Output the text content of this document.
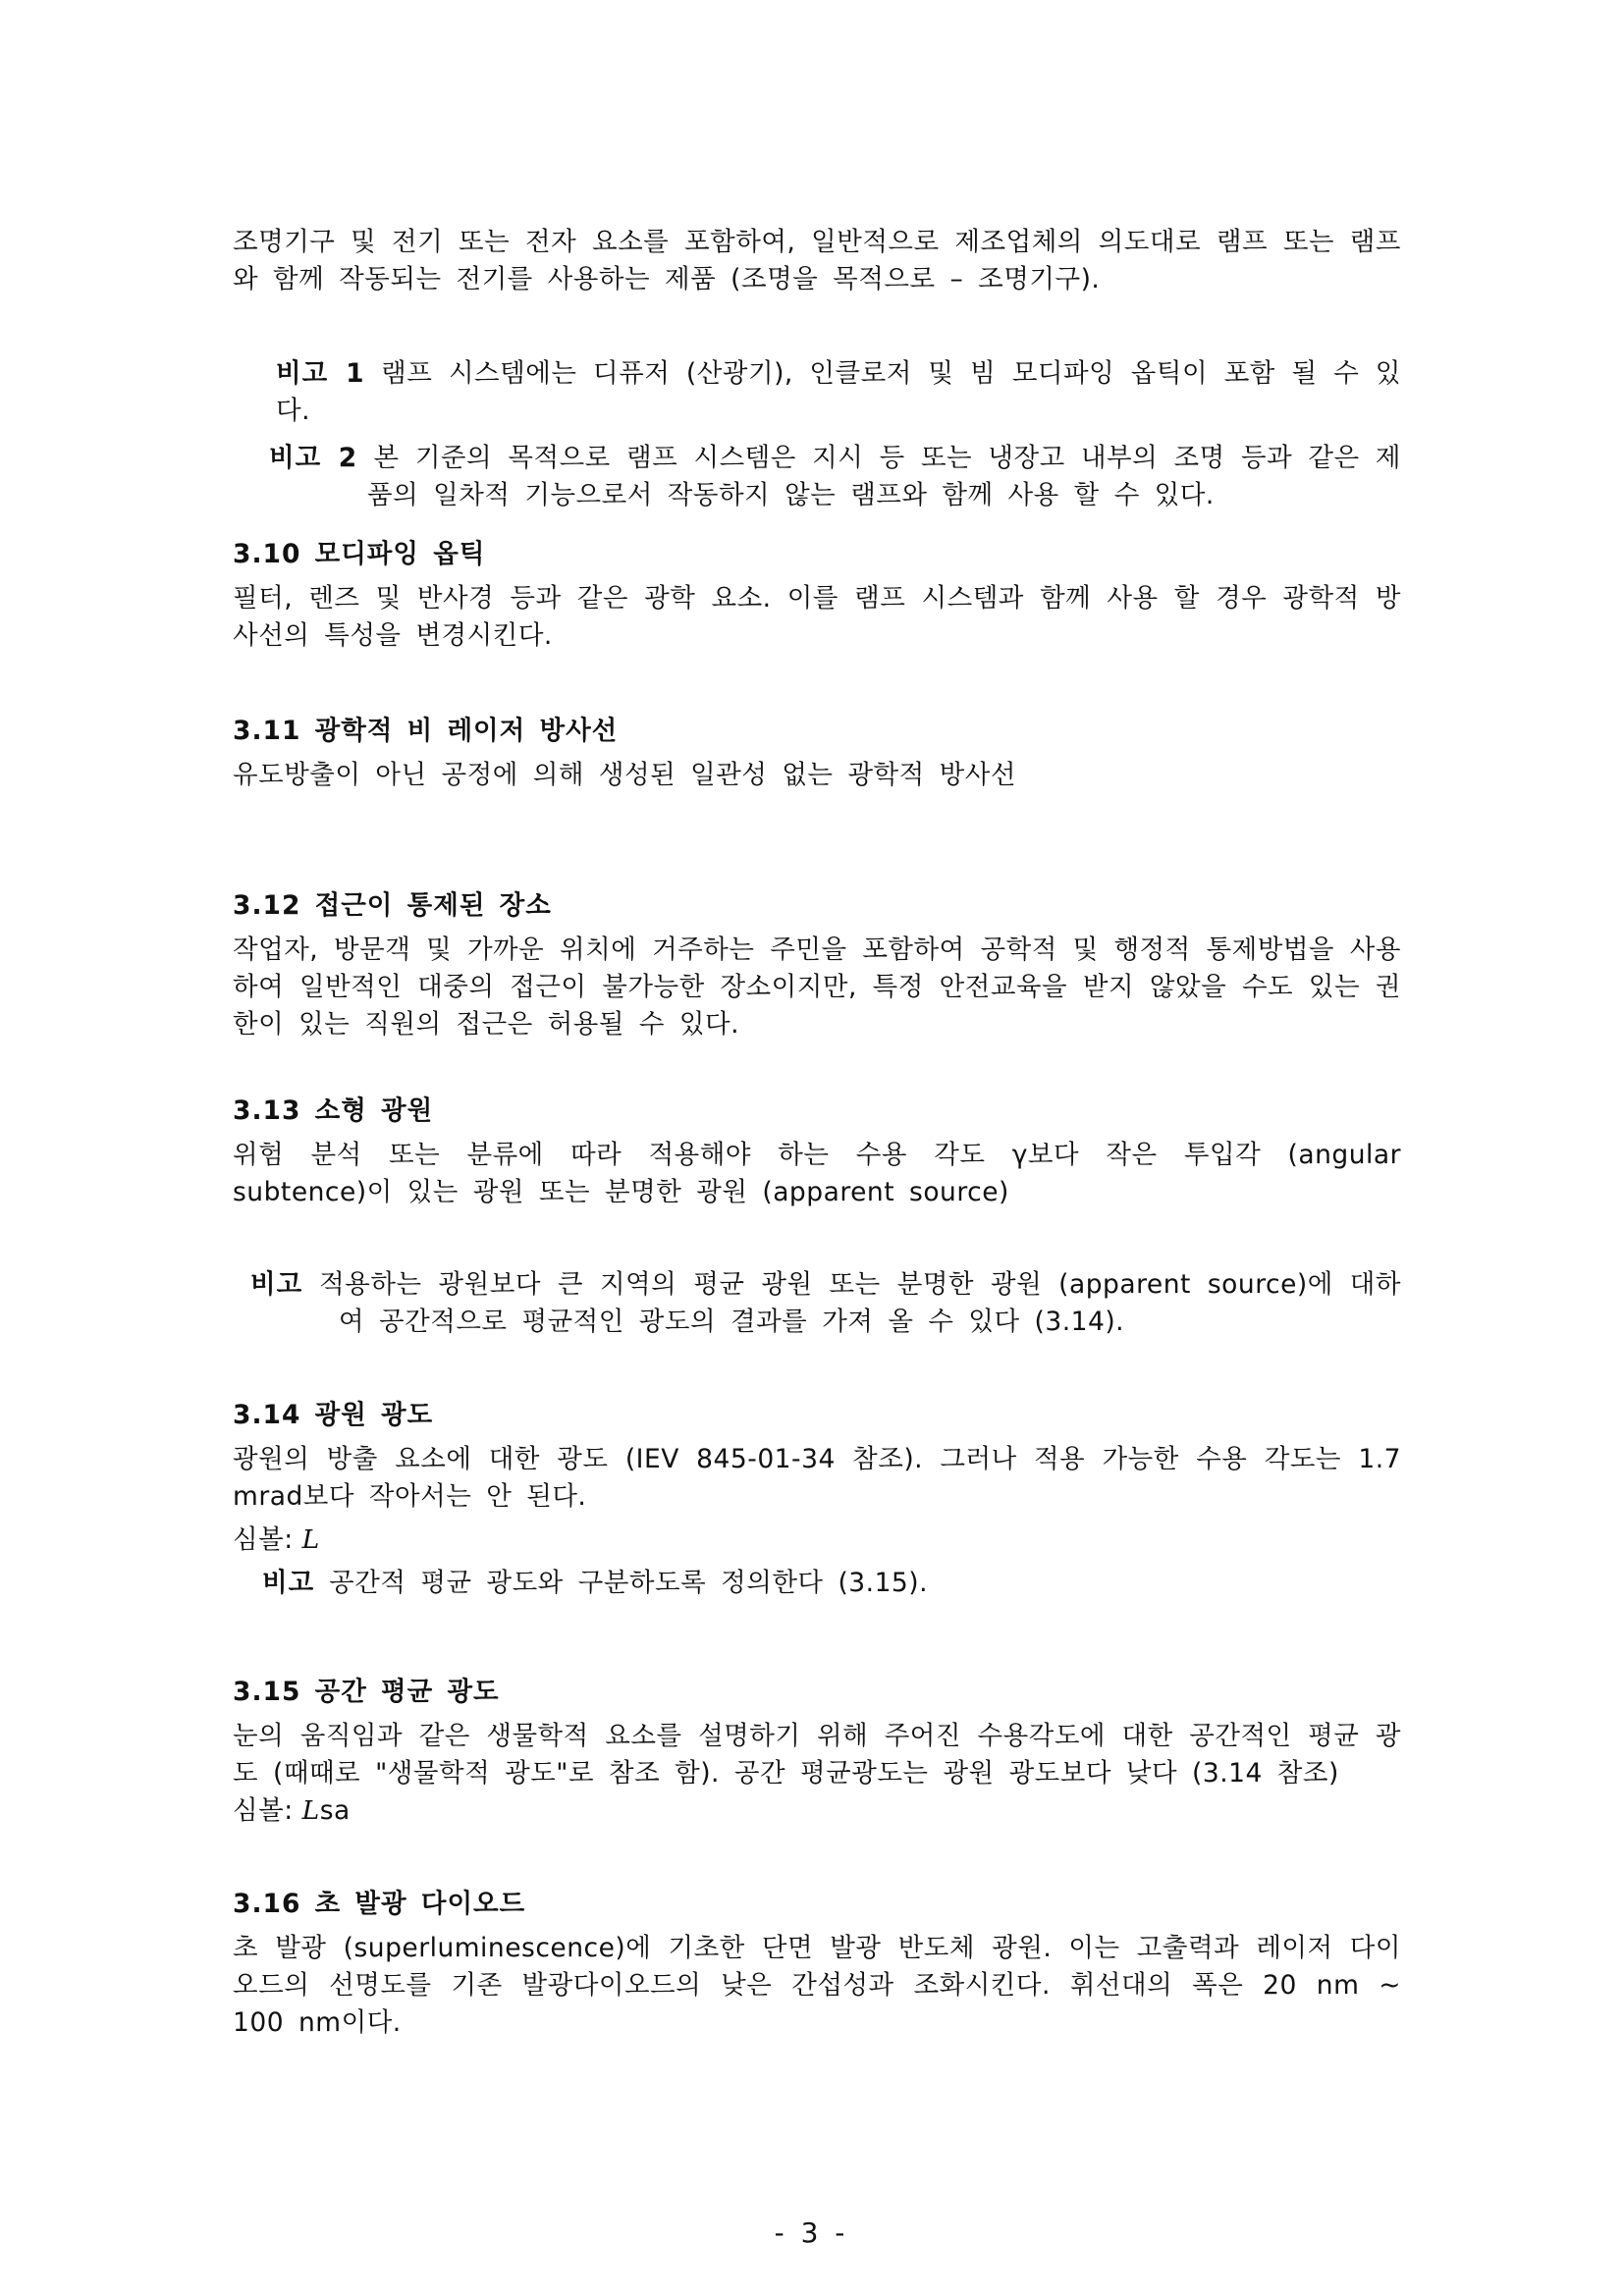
조명기구 및 전기 또는 전자 요소를 포함하여, 일반적으로 제조업체의 의도대로 램프 또는 램프와 함께 작동되는 전기를 사용하는 제품 (조명을 목적으로 – 조명기구).

비고 1 램프 시스템에는 디퓨저 (산광기), 인클로저 및 빔 모디파잉 옵틱이 포함 될 수 있다.

비고 2 본 기준의 목적으로 램프 시스템은 지시 등 또는 냉장고 내부의 조명 등과 같은 제품의 일차적 기능으로서 작동하지 않는 램프와 함께 사용 할 수 있다.

3.10 모디파잉 옵틱

필터, 렌즈 및 반사경 등과 같은 광학 요소. 이를 램프 시스템과 함께 사용 할 경우 광학적 방사선의 특성을 변경시킨다.

3.11 광학적 비 레이저 방사선

유도방출이 아닌 공정에 의해 생성된 일관성 없는 광학적 방사선

3.12 접근이 통제된 장소

작업자, 방문객 및 가까운 위치에 거주하는 주민을 포함하여 공학적 및 행정적 통제방법을 사용하여 일반적인 대중의 접근이 불가능한 장소이지만, 특정 안전교육을 받지 않았을 수도 있는 권한이 있는 직원의 접근은 허용될 수 있다.

3.13 소형 광원

위험 분석 또는 분류에 따라 적용해야 하는 수용 각도 γ보다 작은 투입각 (angular subtence)이 있는 광원 또는 분명한 광원 (apparent source)

비고 적용하는 광원보다 큰 지역의 평균 광원 또는 분명한 광원 (apparent source)에 대하여 공간적으로 평균적인 광도의 결과를 가져 올 수 있다 (3.14).

3.14 광원 광도

광원의 방출 요소에 대한 광도 (IEV 845-01-34 참조). 그러나 적용 가능한 수용 각도는 1.7 mrad보다 작아서는 안 된다.

심볼: L

비고 공간적 평균 광도와 구분하도록 정의한다 (3.15).

3.15 공간 평균 광도

눈의 움직임과 같은 생물학적 요소를 설명하기 위해 주어진 수용각도에 대한 공간적인 평균 광도 (때때로 "생물학적 광도"로 참조 함). 공간 평균광도는 광원 광도보다 낮다 (3.14 참조)

심볼: Lsa

3.16 초 발광 다이오드

초 발광 (superluminescence)에 기초한 단면 발광 반도체 광원. 이는 고출력과 레이저 다이오드의 선명도를 기존 발광다이오드의 낮은 간섭성과 조화시킨다. 휘선대의 폭은 20 nm ~ 100 nm이다.

- 3 -
